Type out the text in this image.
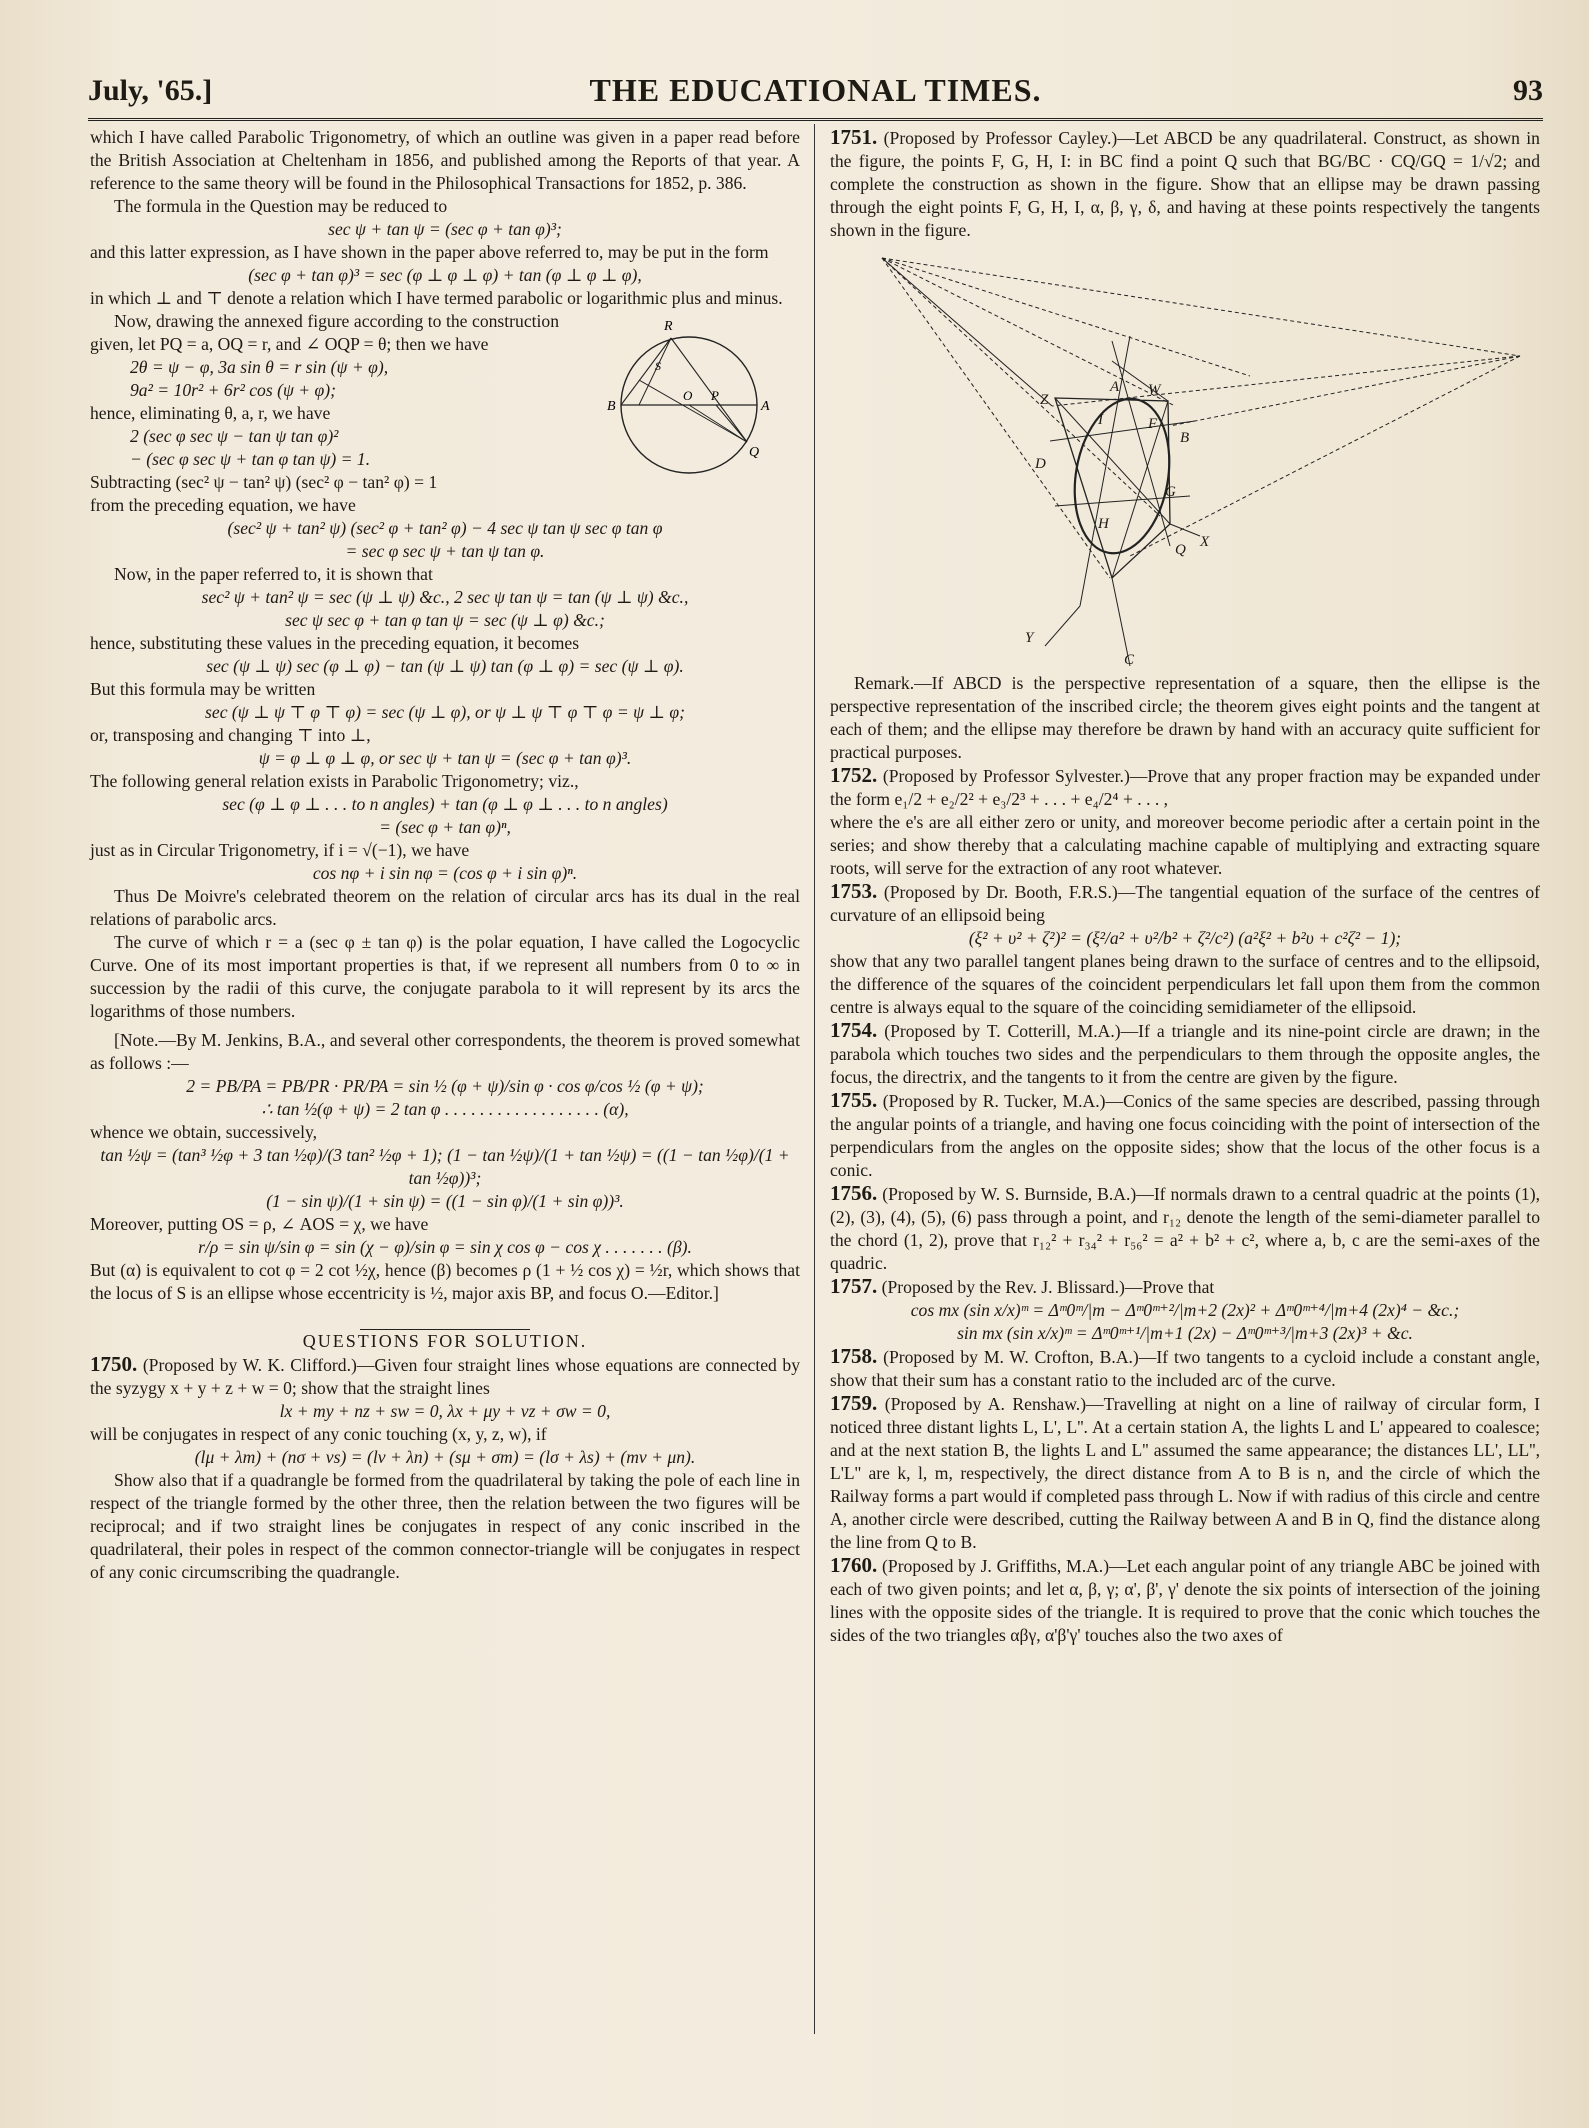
July, '65.]	THE EDUCATIONAL TIMES.	93

which I have called Parabolic Trigonometry, of which an outline was given in a paper read before the British Association at Cheltenham in 1856, and published among the Reports of that year. A reference to the same theory will be found in the Philosophical Transactions for 1852, p. 386.

The formula in the Question may be reduced to

sec ψ + tan ψ = (sec φ + tan φ)³;

and this latter expression, as I have shown in the paper above referred to, may be put in the form

(sec φ + tan φ)³ = sec (φ ⊥ φ ⊥ φ) + tan (φ ⊥ φ ⊥ φ),

in which ⊥ and ⊤ denote a relation which I have termed parabolic or logarithmic plus and minus.

R
S
B
O P
A
Q

Now, drawing the annexed figure according to the construction given, let PQ = a, OQ = r, and ∠ OQP = θ; then we have

2θ = ψ − φ, 3a sin θ = r sin (ψ + φ),

9a² = 10r² + 6r² cos (ψ + φ);

hence, eliminating θ, a, r, we have

2 (sec φ sec ψ − tan ψ tan φ)²

− (sec φ sec ψ + tan φ tan ψ) = 1.

Subtracting (sec² ψ − tan² ψ) (sec² φ − tan² φ) = 1

from the preceding equation, we have

(sec² ψ + tan² ψ) (sec² φ + tan² φ) − 4 sec ψ tan ψ sec φ tan φ

= sec φ sec ψ + tan ψ tan φ.

Now, in the paper referred to, it is shown that

sec² ψ + tan² ψ = sec (ψ ⊥ ψ) &c., 2 sec ψ tan ψ = tan (ψ ⊥ ψ) &c.,

sec ψ sec φ + tan φ tan ψ = sec (ψ ⊥ φ) &c.;

hence, substituting these values in the preceding equation, it becomes

sec (ψ ⊥ ψ) sec (φ ⊥ φ) − tan (ψ ⊥ ψ) tan (φ ⊥ φ) = sec (ψ ⊥ φ).

But this formula may be written

sec (ψ ⊥ ψ ⊤ φ ⊤ φ) = sec (ψ ⊥ φ), or ψ ⊥ ψ ⊤ φ ⊤ φ = ψ ⊥ φ;

or, transposing and changing ⊤ into ⊥,

ψ = φ ⊥ φ ⊥ φ, or sec ψ + tan ψ = (sec φ + tan φ)³.

The following general relation exists in Parabolic Trigonometry; viz.,

sec (φ ⊥ φ ⊥ . . . to n angles) + tan (φ ⊥ φ ⊥ . . . to n angles)

= (sec φ + tan φ)ⁿ,

just as in Circular Trigonometry, if i = √(−1), we have

cos nφ + i sin nφ = (cos φ + i sin φ)ⁿ.

Thus De Moivre's celebrated theorem on the relation of circular arcs has its dual in the real relations of parabolic arcs.

The curve of which r = a (sec φ ± tan φ) is the polar equation, I have called the Logocyclic Curve. One of its most important properties is that, if we represent all numbers from 0 to ∞ in succession by the radii of this curve, the conjugate parabola to it will represent by its arcs the logarithms of those numbers.

[Note.—By M. Jenkins, B.A., and several other correspondents, the theorem is proved somewhat as follows :—

2 = PB/PA = PB/PR · PR/PA = sin ½ (φ + ψ)/sin φ · cos φ/cos ½ (φ + ψ);

∴ tan ½(φ + ψ) = 2 tan φ . . . . . . . . . . . . . . . . . . (α),

whence we obtain, successively,

tan ½ψ = (tan³ ½φ + 3 tan ½φ)/(3 tan² ½φ + 1); (1 − tan ½ψ)/(1 + tan ½ψ) = ((1 − tan ½φ)/(1 + tan ½φ))³;

(1 − sin ψ)/(1 + sin ψ) = ((1 − sin φ)/(1 + sin φ))³.

Moreover, putting OS = ρ, ∠ AOS = χ, we have

r/ρ = sin ψ/sin φ = sin (χ − φ)/sin φ = sin χ cos φ − cos χ . . . . . . . (β).

But (α) is equivalent to cot φ = 2 cot ½χ, hence (β) becomes ρ (1 + ½ cos χ) = ½r, which shows that the locus of S is an ellipse whose eccentricity is ½, major axis BP, and focus O.—Editor.]

QUESTIONS FOR SOLUTION.

1750. (Proposed by W. K. Clifford.)—Given four straight lines whose equations are connected by the syzygy x + y + z + w = 0; show that the straight lines

lx + my + nz + sw = 0, λx + μy + νz + σw = 0,

will be conjugates in respect of any conic touching (x, y, z, w), if

(lμ + λm) + (nσ + νs) = (lν + λn) + (sμ + σm) = (lσ + λs) + (mν + μn).

Show also that if a quadrangle be formed from the quadrilateral by taking the pole of each line in respect of the triangle formed by the other three, then the relation between the two figures will be reciprocal; and if two straight lines be conjugates in respect of any conic inscribed in the quadrilateral, their poles in respect of the common connector-triangle will be conjugates in respect of any conic circumscribing the quadrangle.

1751. (Proposed by Professor Cayley.)—Let ABCD be any quadrilateral. Construct, as shown in the figure, the points F, G, H, I: in BC find a point Q such that BG/BC · CQ/GQ = 1/√2; and complete the construction as shown in the figure. Show that an ellipse may be drawn passing through the eight points F, G, H, I, α, β, γ, δ, and having at these points respectively the tangents shown in the figure.

A W
Z
I	F
B
D
G
H
Q X
Y
C

Remark.—If ABCD is the perspective representation of a square, then the ellipse is the perspective representation of the inscribed circle; the theorem gives eight points and the tangent at each of them; and the ellipse may therefore be drawn by hand with an accuracy quite sufficient for practical purposes.

1752. (Proposed by Professor Sylvester.)—Prove that any proper fraction may be expanded under the form e₁/2 + e₂/2² + e₃/2³ + . . . + e₄/2⁴ + . . . ,

where the e's are all either zero or unity, and moreover become periodic after a certain point in the series; and show thereby that a calculating machine capable of multiplying and extracting square roots, will serve for the extraction of any root whatever.

1753. (Proposed by Dr. Booth, F.R.S.)—The tangential equation of the surface of the centres of curvature of an ellipsoid being

(ξ² + υ² + ζ²)² = (ξ²/a² + υ²/b² + ζ²/c²) (a²ξ² + b²υ + c²ζ² − 1);

show that any two parallel tangent planes being drawn to the surface of centres and to the ellipsoid, the difference of the squares of the coincident perpendiculars let fall upon them from the common centre is always equal to the square of the coinciding semidiameter of the ellipsoid.

1754. (Proposed by T. Cotterill, M.A.)—If a triangle and its nine-point circle are drawn; in the parabola which touches two sides and the perpendiculars to them through the opposite angles, the focus, the directrix, and the tangents to it from the centre are given by the figure.

1755. (Proposed by R. Tucker, M.A.)—Conics of the same species are described, passing through the angular points of a triangle, and having one focus coinciding with the point of intersection of the perpendiculars from the angles on the opposite sides; show that the locus of the other focus is a conic.

1756. (Proposed by W. S. Burnside, B.A.)—If normals drawn to a central quadric at the points (1), (2), (3), (4), (5), (6) pass through a point, and r₁₂ denote the length of the semi-diameter parallel to the chord (1, 2), prove that r₁₂² + r₃₄² + r₅₆² = a² + b² + c², where a, b, c are the semi-axes of the quadric.

1757. (Proposed by the Rev. J. Blissard.)—Prove that

cos mx (sin x/x)ᵐ = Δᵐ0ᵐ/|m − Δᵐ0ᵐ⁺²/|m+2 (2x)² + Δᵐ0ᵐ⁺⁴/|m+4 (2x)⁴ − &c.;

sin mx (sin x/x)ᵐ = Δᵐ0ᵐ⁺¹/|m+1 (2x) − Δᵐ0ᵐ⁺³/|m+3 (2x)³ + &c.

1758. (Proposed by M. W. Crofton, B.A.)—If two tangents to a cycloid include a constant angle, show that their sum has a constant ratio to the included arc of the curve.

1759. (Proposed by A. Renshaw.)—Travelling at night on a line of railway of circular form, I noticed three distant lights L, L', L''. At a certain station A, the lights L and L' appeared to coalesce; and at the next station B, the lights L and L'' assumed the same appearance; the distances LL', LL'', L'L'' are k, l, m, respectively, the direct distance from A to B is n, and the circle of which the Railway forms a part would if completed pass through L. Now if with radius of this circle and centre A, another circle were described, cutting the Railway between A and B in Q, find the distance along the line from Q to B.

1760. (Proposed by J. Griffiths, M.A.)—Let each angular point of any triangle ABC be joined with each of two given points; and let α, β, γ; α', β', γ' denote the six points of intersection of the joining lines with the opposite sides of the triangle. It is required to prove that the conic which touches the sides of the two triangles αβγ, α'β'γ' touches also the two axes of
